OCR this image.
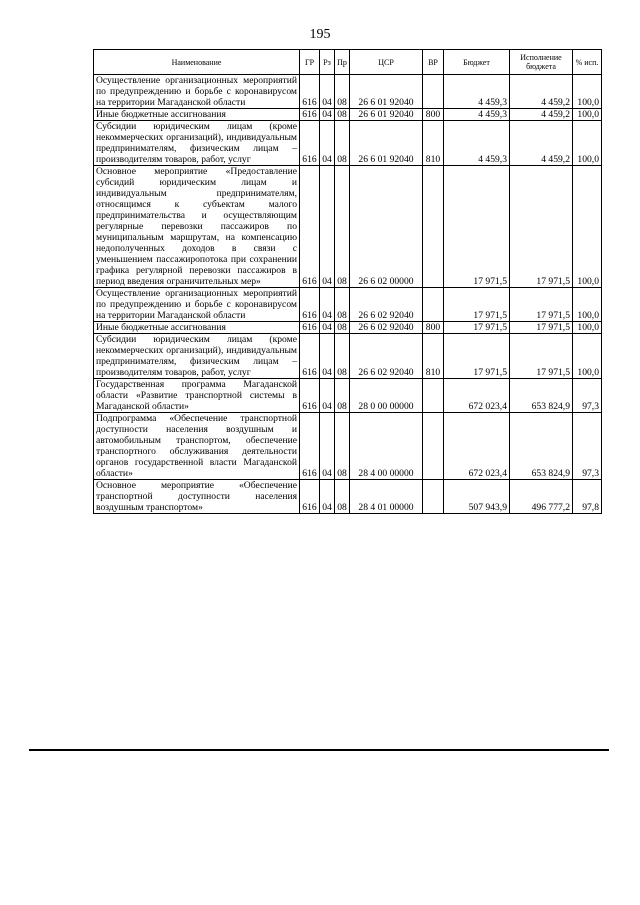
195
Наименование	ГР	Рз	Пр	ЦСР	ВР	Бюджет	Исполнение бюджета	% исп.
Осуществление организационных мероприятий по предупреждению и борьбе с коронавирусом на территории Магаданской области	616	04	08	26 6 01 92040		4 459,3	4 459,2	100,0
Иные бюджетные ассигнования	616	04	08	26 6 01 92040	800	4 459,3	4 459,2	100,0
Субсидии юридическим лицам (кроме некоммерческих организаций), индивидуальным предпринимателям, физическим лицам – производителям товаров, работ, услуг	616	04	08	26 6 01 92040	810	4 459,3	4 459,2	100,0
Основное мероприятие «Предоставление субсидий юридическим лицам и индивидуальным предпринимателям, относящимся к субъектам малого предпринимательства и осуществляющим регулярные перевозки пассажиров по муниципальным маршрутам, на компенсацию недополученных доходов в связи с уменьшением пассажиропотока при сохранении графика регулярной перевозки пассажиров в период введения ограничительных мер»	616	04	08	26 6 02 00000		17 971,5	17 971,5	100,0
Осуществление организационных мероприятий по предупреждению и борьбе с коронавирусом на территории Магаданской области	616	04	08	26 6 02 92040		17 971,5	17 971,5	100,0
Иные бюджетные ассигнования	616	04	08	26 6 02 92040	800	17 971,5	17 971,5	100,0
Субсидии юридическим лицам (кроме некоммерческих организаций), индивидуальным предпринимателям, физическим лицам – производителям товаров, работ, услуг	616	04	08	26 6 02 92040	810	17 971,5	17 971,5	100,0
Государственная программа Магаданской области «Развитие транспортной системы в Магаданской области»	616	04	08	28 0 00 00000		672 023,4	653 824,9	97,3
Подпрограмма «Обеспечение транспортной доступности населения воздушным и автомобильным транспортом, обеспечение транспортного обслуживания деятельности органов государственной власти Магаданской области»	616	04	08	28 4 00 00000		672 023,4	653 824,9	97,3
Основное мероприятие «Обеспечение транспортной доступности населения воздушным транспортом»	616	04	08	28 4 01 00000		507 943,9	496 777,2	97,8
